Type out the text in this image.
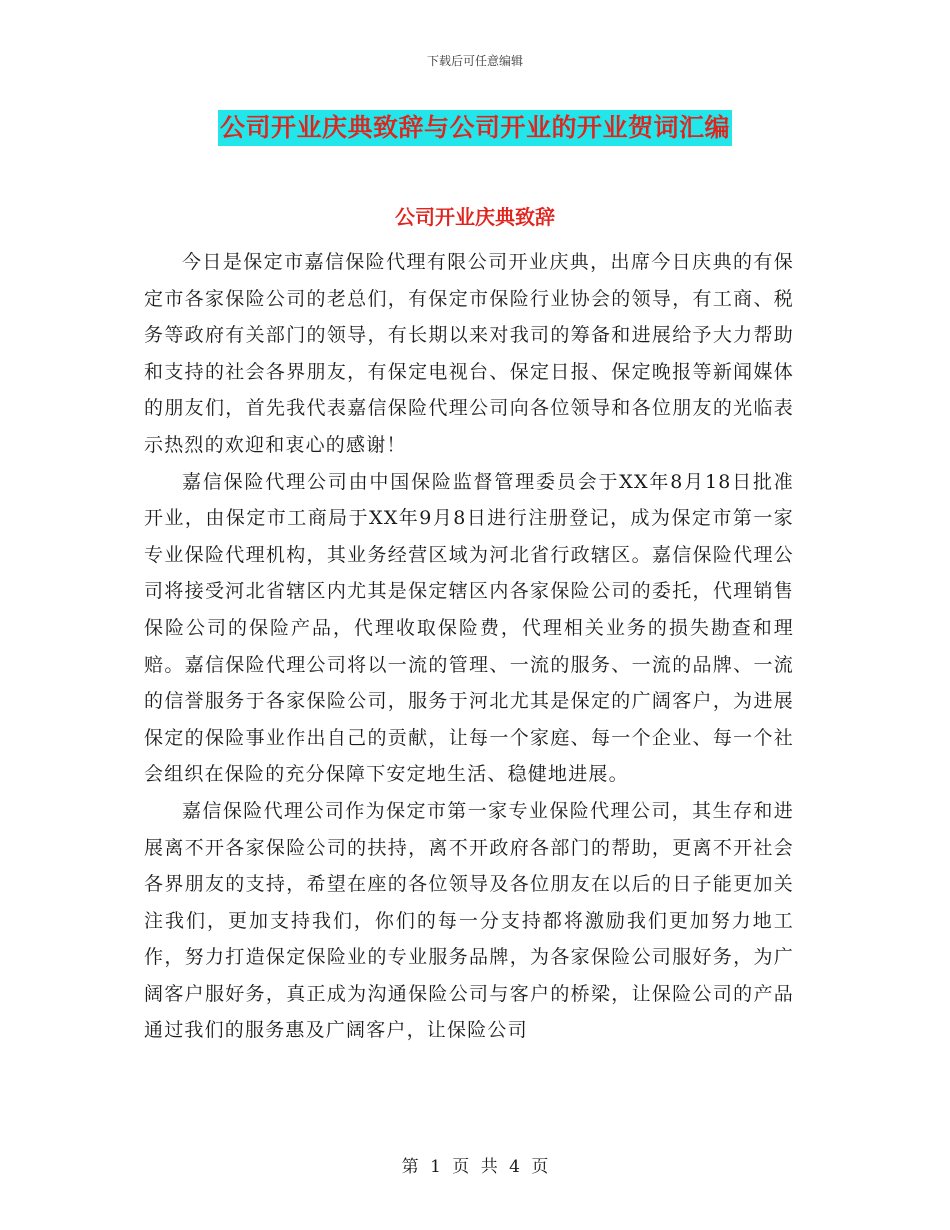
下载后可任意编辑
公司开业庆典致辞与公司开业的开业贺词汇编
公司开业庆典致辞

今日是保定市嘉信保险代理有限公司开业庆典，出席今日庆典的有保定市各家保险公司的老总们，有保定市保险行业协会的领导，有工商、税务等政府有关部门的领导，有长期以来对我司的筹备和进展给予大力帮助和支持的社会各界朋友，有保定电视台、保定日报、保定晚报等新闻媒体的朋友们，首先我代表嘉信保险代理公司向各位领导和各位朋友的光临表示热烈的欢迎和衷心的感谢！

嘉信保险代理公司由中国保险监督管理委员会于XX年8月18日批准开业，由保定市工商局于XX年9月8日进行注册登记，成为保定市第一家专业保险代理机构，其业务经营区域为河北省行政辖区。嘉信保险代理公司将接受河北省辖区内尤其是保定辖区内各家保险公司的委托，代理销售保险公司的保险产品，代理收取保险费，代理相关业务的损失勘查和理赔。嘉信保险代理公司将以一流的管理、一流的服务、一流的品牌、一流的信誉服务于各家保险公司，服务于河北尤其是保定的广阔客户，为进展保定的保险事业作出自己的贡献，让每一个家庭、每一个企业、每一个社会组织在保险的充分保障下安定地生活、稳健地进展。

嘉信保险代理公司作为保定市第一家专业保险代理公司，其生存和进展离不开各家保险公司的扶持，离不开政府各部门的帮助，更离不开社会各界朋友的支持，希望在座的各位领导及各位朋友在以后的日子能更加关注我们，更加支持我们，你们的每一分支持都将激励我们更加努力地工作，努力打造保定保险业的专业服务品牌，为各家保险公司服好务，为广阔客户服好务，真正成为沟通保险公司与客户的桥梁，让保险公司的产品通过我们的服务惠及广阔客户，让保险公司

第 1 页 共 4 页
